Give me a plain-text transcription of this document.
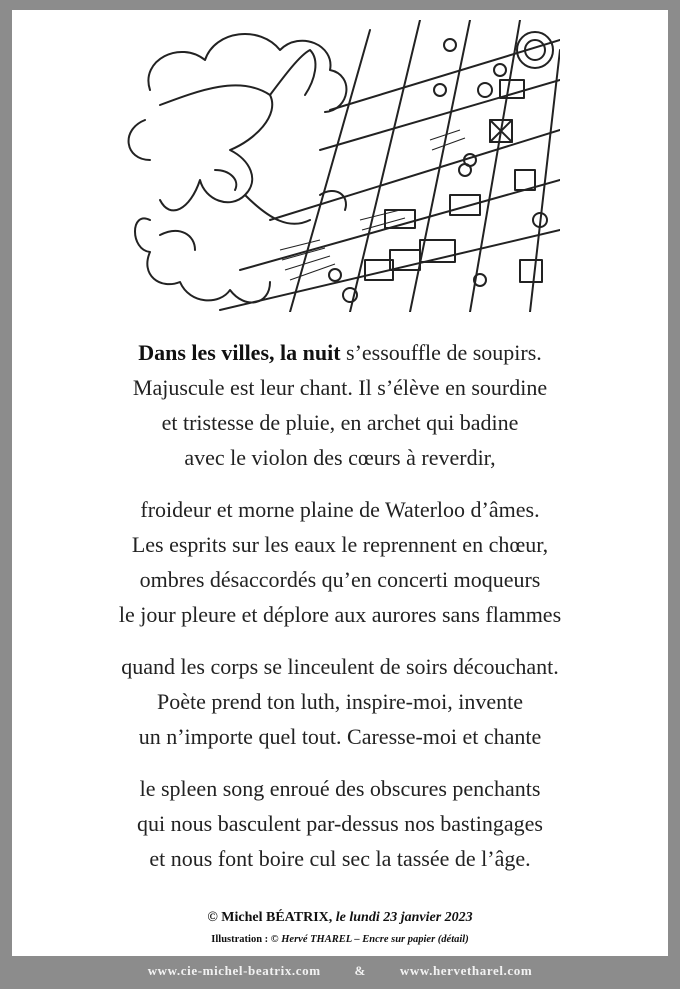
Dans les villes, la nuit s’essouffle de soupirs.
Majuscule est leur chant. Il s’élève en sourdine
et tristesse de pluie, en archet qui badine
avec le violon des cœurs à reverdir,
froideur et morne plaine de Waterloo d’âmes.
Les esprits sur les eaux le reprennent en chœur,
ombres désaccordés qu’en concerti moqueurs
le jour pleure et déplore aux aurores sans flammes
quand les corps se linceulent de soirs découchant.
Poète prend ton luth, inspire-moi, invente
un n’importe quel tout. Caresse-moi et chante
le spleen song enroué des obscures penchants
qui nous basculent par-dessus nos bastingages
et nous font boire cul sec la tassée de l’âge.
© Michel BÉATRIX, le lundi 23 janvier 2023
Illustration : © Hervé THAREL – Encre sur papier (détail)
www.cie-michel-beatrix.com	&	www.hervetharel.com
